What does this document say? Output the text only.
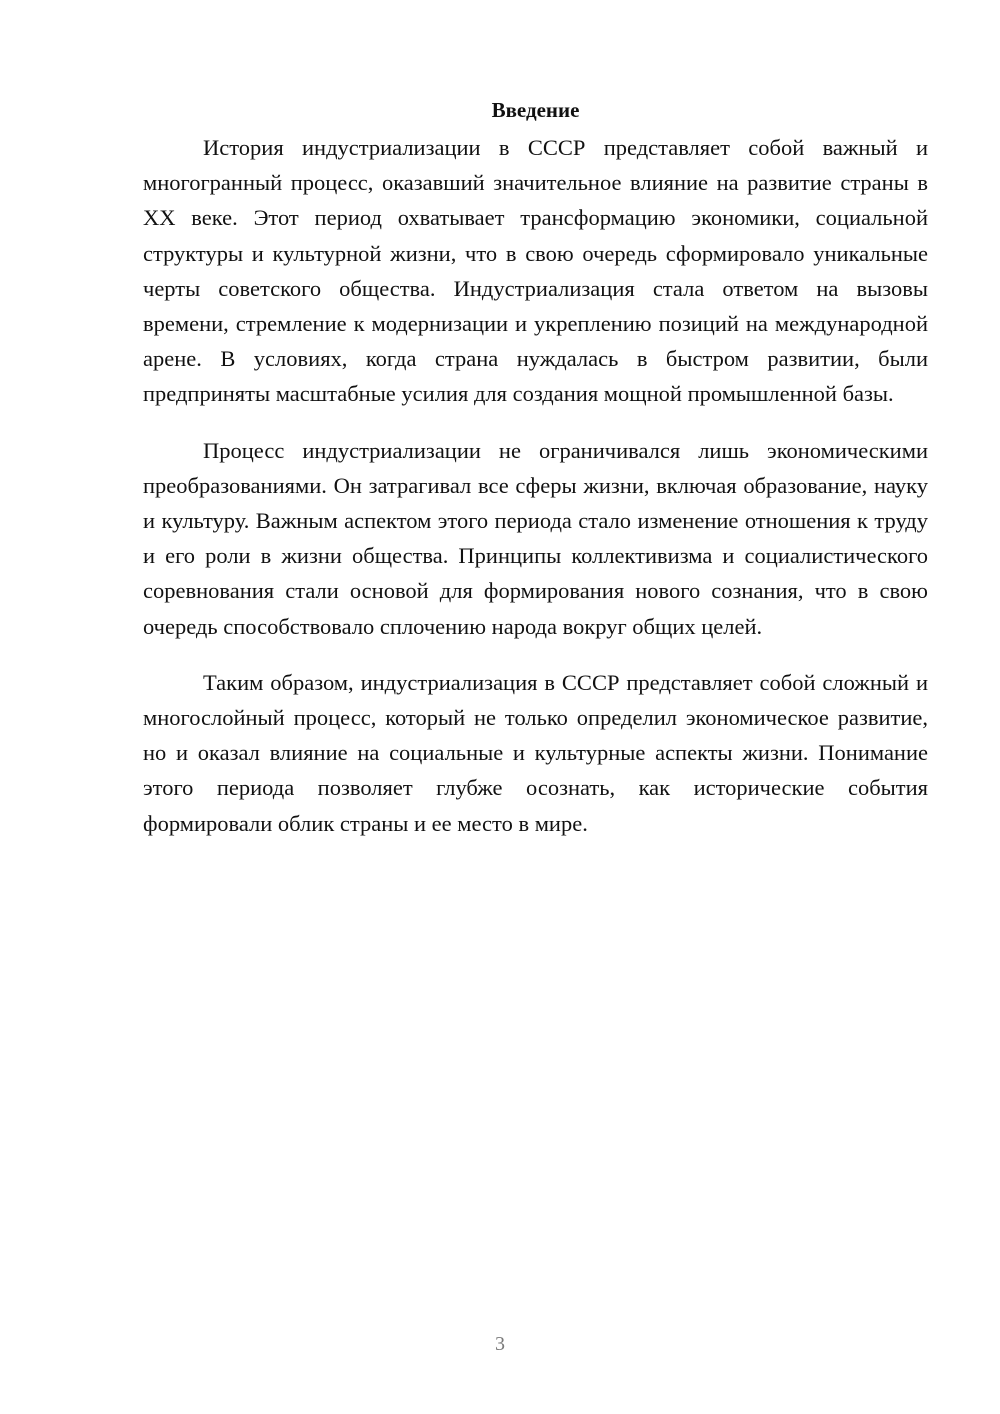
Введение

История индустриализации в СССР представляет собой важный и многогранный процесс, оказавший значительное влияние на развитие страны в XX веке. Этот период охватывает трансформацию экономики, социальной структуры и культурной жизни, что в свою очередь сформировало уникальные черты советского общества. Индустриализация стала ответом на вызовы времени, стремление к модернизации и укреплению позиций на международной арене. В условиях, когда страна нуждалась в быстром развитии, были предприняты масштабные усилия для создания мощной промышленной базы.

Процесс индустриализации не ограничивался лишь экономическими преобразованиями. Он затрагивал все сферы жизни, включая образование, науку и культуру. Важным аспектом этого периода стало изменение отношения к труду и его роли в жизни общества. Принципы коллективизма и социалистического соревнования стали основой для формирования нового сознания, что в свою очередь способствовало сплочению народа вокруг общих целей.

Таким образом, индустриализация в СССР представляет собой сложный и многослойный процесс, который не только определил экономическое развитие, но и оказал влияние на социальные и культурные аспекты жизни. Понимание этого периода позволяет глубже осознать, как исторические события формировали облик страны и ее место в мире.

3
